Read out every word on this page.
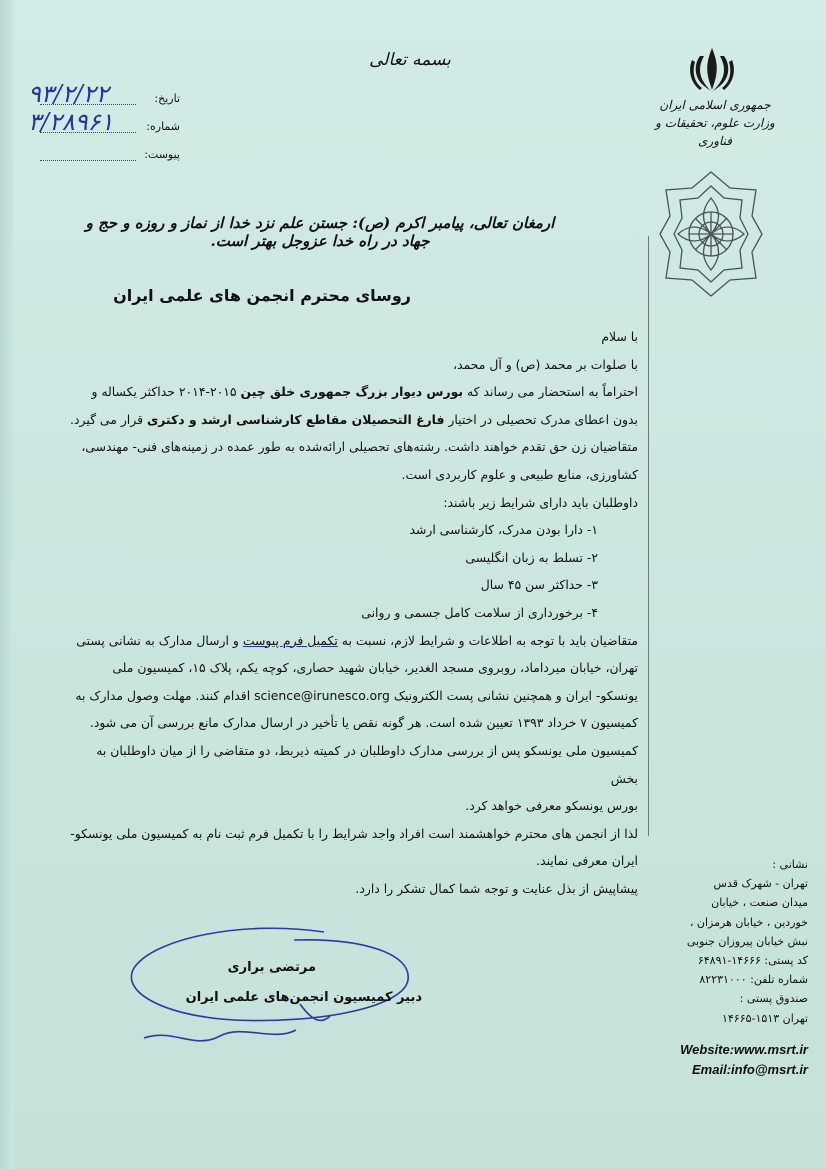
بسمه تعالی
جمهوری اسلامی ایران
وزارت علوم، تحقیقات و فناوری
تاریخ:
۹۳/۲/۲۲
شماره:
۳/۲۸۹۶۱
پیوست:
ارمغان تعالی، پیامبر اکرم (ص): جستن علم نزد خدا از نماز و روزه و حج و جهاد در راه خدا عزوجل بهتر است.
روسای محترم انجمن های علمی ایران

با سلام

با صلوات بر محمد (ص) و آل محمد،

احتراماً به استحضار می رساند که بورس دیوار بزرگ جمهوری خلق چین ۲۰۱۵-۲۰۱۴ حداکثر یکساله و

بدون اعطای مدرک تحصیلی در اختیار فارغ التحصیلان مقاطع کارشناسی ارشد و دکتری قرار می گیرد.

متقاضیان زن حق تقدم خواهند داشت. رشته‌های تحصیلی ارائه‌شده به طور عمده در زمینه‌های فنی- مهندسی،

کشاورزی، منابع طبیعی و علوم کاربردی است.

داوطلبان باید دارای شرایط زیر باشند:

۱- دارا بودن مدرک، کارشناسی ارشد

۲- تسلط به زبان انگلیسی

۳- حداکثر سن ۴۵ سال

۴- برخورداری از سلامت کامل جسمی و روانی

متقاضیان باید با توجه به اطلاعات و شرایط لازم، نسبت به تکمیل فرم پیوست و ارسال مدارک به نشانی پستی

تهران، خیابان میرداماد، روبروی مسجد الغدیر، خیابان شهید حصاری، کوچه یکم، پلاک ۱۵، کمیسیون ملی

یونسکو- ایران و همچنین نشانی پست الکترونیک science@irunesco.org اقدام کنند. مهلت وصول مدارک به

کمیسیون ۷ خرداد ۱۳۹۳ تعیین شده است. هر گونه نقص یا تأخیر در ارسال مدارک مانع بررسی آن می شود.

کمیسیون ملی یونسکو پس از بررسی مدارک داوطلبان در کمیته ذیربط، دو متقاضی را از میان داوطلبان به بخش

بورس یونسکو معرفی خواهد کرد.

لذا از انجمن های محترم خواهشمند است افراد واجد شرایط را با تکمیل فرم ثبت نام به کمیسیون ملی یونسکو-

ایران معرفی نمایند.

پیشاپیش از بذل عنایت و توجه شما کمال تشکر را دارد.

مرتضی براری
دبیر کمیسیون انجمن‌های علمی ایران
نشانی :
تهران - شهرک قدس
میدان صنعت ، خیابان
خوردین ، خیابان هرمزان ،
نبش خیابان پیروزان جنوبی
کد پستی: ۱۴۶۶۶-۶۴۸۹۱
شماره تلفن: ۸۲۲۳۱۰۰۰
صندوق پستی :
تهران ۱۵۱۳-۱۴۶۶۵
Website:www.msrt.ir
Email:info@msrt.ir
